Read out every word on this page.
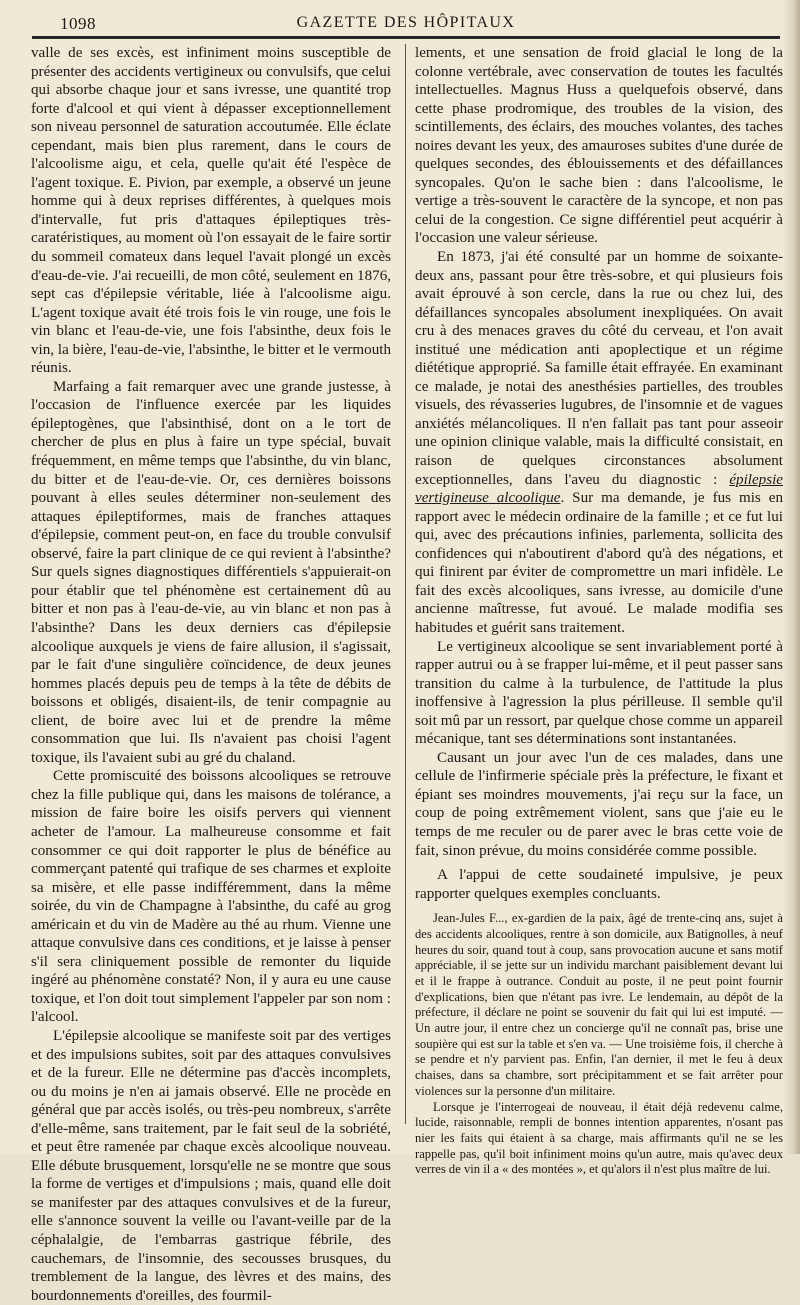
1098	GAZETTE DES HÔPITAUX

valle de ses excès, est infiniment moins susceptible de présenter des accidents vertigineux ou convulsifs, que celui qui absorbe chaque jour et sans ivresse, une quantité trop forte d'alcool et qui vient à dépasser exceptionnellement son niveau personnel de saturation accoutumée. Elle éclate cependant, mais bien plus rarement, dans le cours de l'alcoolisme aigu, et cela, quelle qu'ait été l'espèce de l'agent toxique. E. Pivion, par exemple, a observé un jeune homme qui à deux reprises différentes, à quelques mois d'intervalle, fut pris d'attaques épileptiques très-caratéristiques, au moment où l'on essayait de le faire sortir du sommeil comateux dans lequel l'avait plongé un excès d'eau-de-vie. J'ai recueilli, de mon côté, seulement en 1876, sept cas d'épilepsie véritable, liée à l'alcoolisme aigu. L'agent toxique avait été trois fois le vin rouge, une fois le vin blanc et l'eau-de-vie, une fois l'absinthe, deux fois le vin, la bière, l'eau-de-vie, l'absinthe, le bitter et le vermouth réunis.

Marfaing a fait remarquer avec une grande justesse, à l'occasion de l'influence exercée par les liquides épileptogènes, que l'absinthisé, dont on a le tort de chercher de plus en plus à faire un type spécial, buvait fréquemment, en même temps que l'absinthe, du vin blanc, du bitter et de l'eau-de-vie. Or, ces dernières boissons pouvant à elles seules déterminer non-seulement des attaques épileptiformes, mais de franches attaques d'épilepsie, comment peut-on, en face du trouble convulsif observé, faire la part clinique de ce qui revient à l'absinthe? Sur quels signes diagnostiques différentiels s'appuierait-on pour établir que tel phénomène est certainement dû au bitter et non pas à l'eau-de-vie, au vin blanc et non pas à l'absinthe? Dans les deux derniers cas d'épilepsie alcoolique auxquels je viens de faire allusion, il s'agissait, par le fait d'une singulière coïncidence, de deux jeunes hommes placés depuis peu de temps à la tête de débits de boissons et obligés, disaient-ils, de tenir compagnie au client, de boire avec lui et de prendre la même consommation que lui. Ils n'avaient pas choisi l'agent toxique, ils l'avaient subi au gré du chaland.

Cette promiscuité des boissons alcooliques se retrouve chez la fille publique qui, dans les maisons de tolérance, a mission de faire boire les oisifs pervers qui viennent acheter de l'amour. La malheureuse consomme et fait consommer ce qui doit rapporter le plus de bénéfice au commerçant patenté qui trafique de ses charmes et exploite sa misère, et elle passe indifféremment, dans la même soirée, du vin de Champagne à l'absinthe, du café au grog américain et du vin de Madère au thé au rhum. Vienne une attaque convulsive dans ces conditions, et je laisse à penser s'il sera cliniquement possible de remonter du liquide ingéré au phénomène constaté? Non, il y aura eu une cause toxique, et l'on doit tout simplement l'appeler par son nom : l'alcool.

L'épilepsie alcoolique se manifeste soit par des vertiges et des impulsions subites, soit par des attaques convulsives et de la fureur. Elle ne détermine pas d'accès incomplets, ou du moins je n'en ai jamais observé. Elle ne procède en général que par accès isolés, ou très-peu nombreux, s'arrête d'elle-même, sans traitement, par le fait seul de la sobriété, et peut être ramenée par chaque excès alcoolique nouveau. Elle débute brusquement, lorsqu'elle ne se montre que sous la forme de vertiges et d'impulsions ; mais, quand elle doit se manifester par des attaques convulsives et de la fureur, elle s'annonce souvent la veille ou l'avant-veille par de la céphalalgie, de l'embarras gastrique fébrile, des cauchemars, de l'insomnie, des secousses brusques, du tremblement de la langue, des lèvres et des mains, des bourdonnements d'oreilles, des fourmil-

lements, et une sensation de froid glacial le long de la colonne vertébrale, avec conservation de toutes les facultés intellectuelles. Magnus Huss a quelquefois observé, dans cette phase prodromique, des troubles de la vision, des scintillements, des éclairs, des mouches volantes, des taches noires devant les yeux, des amauroses subites d'une durée de quelques secondes, des éblouissements et des défaillances syncopales. Qu'on le sache bien : dans l'alcoolisme, le vertige a très-souvent le caractère de la syncope, et non pas celui de la congestion. Ce signe différentiel peut acquérir à l'occasion une valeur sérieuse.

En 1873, j'ai été consulté par un homme de soixante-deux ans, passant pour être très-sobre, et qui plusieurs fois avait éprouvé à son cercle, dans la rue ou chez lui, des défaillances syncopales absolument inexpliquées. On avait cru à des menaces graves du côté du cerveau, et l'on avait institué une médication anti apoplectique et un régime diététique approprié. Sa famille était effrayée. En examinant ce malade, je notai des anesthésies partielles, des troubles visuels, des révasseries lugubres, de l'insomnie et de vagues anxiétés mélancoliques. Il n'en fallait pas tant pour asseoir une opinion clinique valable, mais la difficulté consistait, en raison de quelques circonstances absolument exceptionnelles, dans l'aveu du diagnostic : épilepsie vertigineuse alcoolique. Sur ma demande, je fus mis en rapport avec le médecin ordinaire de la famille ; et ce fut lui qui, avec des précautions infinies, parlementa, sollicita des confidences qui n'aboutirent d'abord qu'à des négations, et qui finirent par éviter de compromettre un mari infidèle. Le fait des excès alcooliques, sans ivresse, au domicile d'une ancienne maîtresse, fut avoué. Le malade modifia ses habitudes et guérit sans traitement.

Le vertigineux alcoolique se sent invariablement porté à rapper autrui ou à se frapper lui-même, et il peut passer sans transition du calme à la turbulence, de l'attitude la plus inoffensive à l'agression la plus périlleuse. Il semble qu'il soit mû par un ressort, par quelque chose comme un appareil mécanique, tant ses déterminations sont instantanées.

Causant un jour avec l'un de ces malades, dans une cellule de l'infirmerie spéciale près la préfecture, le fixant et épiant ses moindres mouvements, j'ai reçu sur la face, un coup de poing extrêmement violent, sans que j'aie eu le temps de me reculer ou de parer avec le bras cette voie de fait, sinon prévue, du moins considérée comme possible.

A l'appui de cette soudaineté impulsive, je peux rapporter quelques exemples concluants.

Jean-Jules F..., ex-gardien de la paix, âgé de trente-cinq ans, sujet à des accidents alcooliques, rentre à son domicile, aux Batignolles, à neuf heures du soir, quand tout à coup, sans provocation aucune et sans motif appréciable, il se jette sur un individu marchant paisiblement devant lui et il le frappe à outrance. Conduit au poste, il ne peut point fournir d'explications, bien que n'étant pas ivre. Le lendemain, au dépôt de la préfecture, il déclare ne point se souvenir du fait qui lui est imputé. — Un autre jour, il entre chez un concierge qu'il ne connaît pas, brise une soupière qui est sur la table et s'en va. — Une troisième fois, il cherche à se pendre et n'y parvient pas. Enfin, l'an dernier, il met le feu à deux chaises, dans sa chambre, sort précipitamment et se fait arrêter pour violences sur la personne d'un militaire.

Lorsque je l'interrogeai de nouveau, il était déjà redevenu calme, lucide, raisonnable, rempli de bonnes intention apparentes, n'osant pas nier les faits qui étaient à sa charge, mais affirmants qu'il ne se les rappelle pas, qu'il boit infiniment moins qu'un autre, mais qu'avec deux verres de vin il a « des montées », et qu'alors il n'est plus maître de lui.
